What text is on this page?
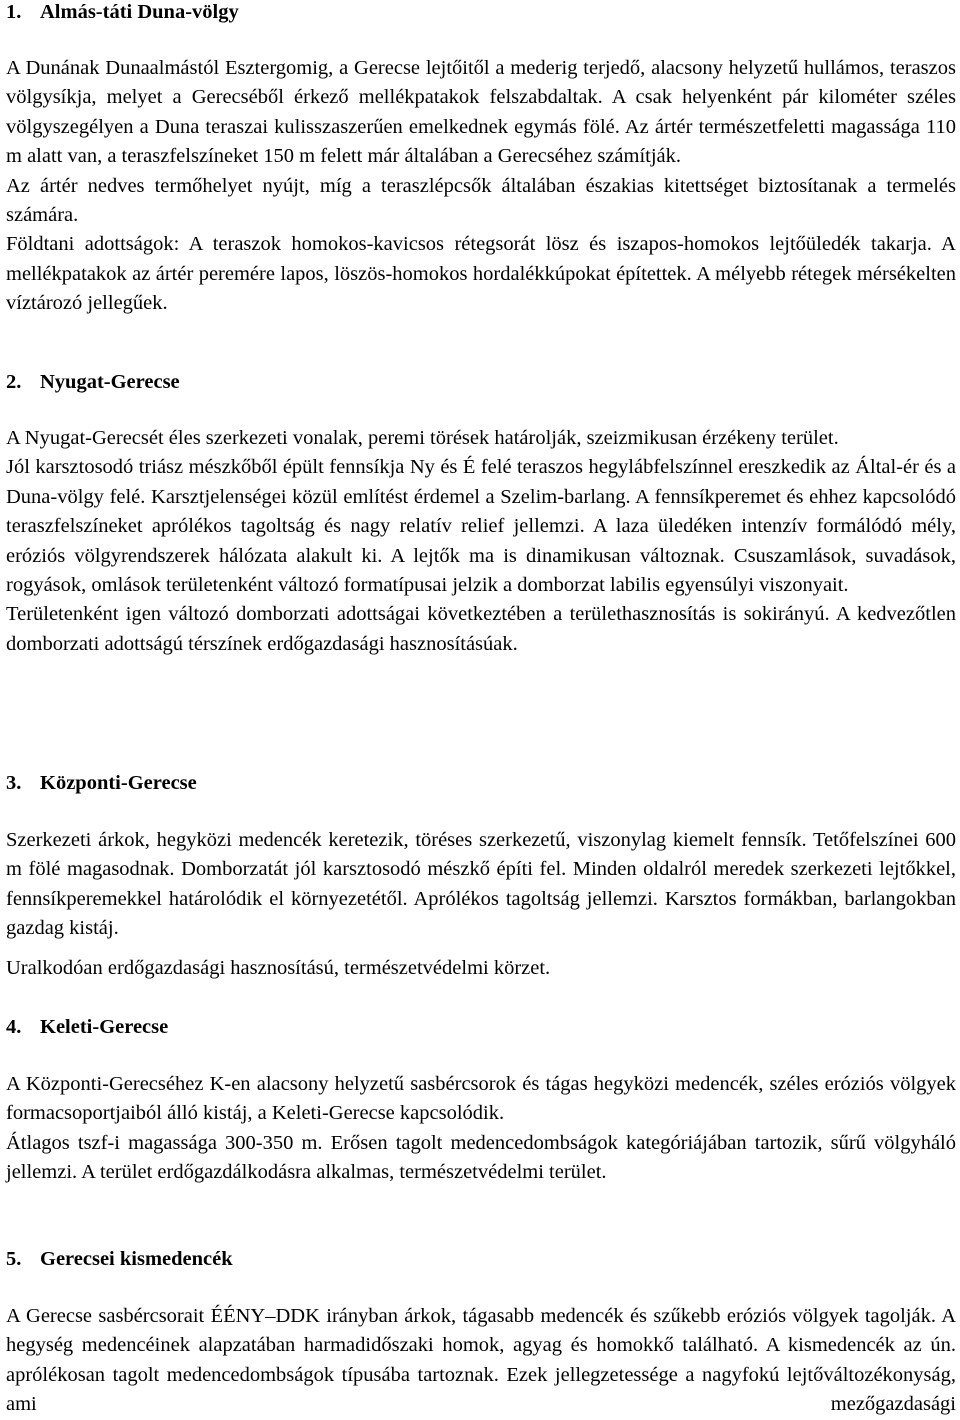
1. Almás-táti Duna-völgy

A Dunának Dunaalmástól Esztergomig, a Gerecse lejtőitől a mederig terjedő, alacsony helyzetű hullámos, teraszos völgysíkja, melyet a Gerecséből érkező mellékpatakok felszabdaltak. A csak helyenként pár kilométer széles völgyszegélyen a Duna teraszai kulisszaszerűen emelkednek egymás fölé. Az ártér természetfeletti magassága 110 m alatt van, a teraszfelszíneket 150 m felett már általában a Gerecséhez számítják.

Az ártér nedves termőhelyet nyújt, míg a teraszlépcsők általában északias kitettséget biztosítanak a termelés számára.

Földtani adottságok: A teraszok homokos-kavicsos rétegsorát lösz és iszapos-homokos lejtőüledék takarja. A mellékpatakok az ártér peremére lapos, löszös-homokos hordalékkúpokat építettek. A mélyebb rétegek mérsékelten víztározó jellegűek.

2. Nyugat-Gerecse

A Nyugat-Gerecsét éles szerkezeti vonalak, peremi törések határolják, szeizmikusan érzékeny terület.

Jól karsztosodó triász mészkőből épült fennsíkja Ny és É felé teraszos hegylábfelszínnel ereszkedik az Által-ér és a Duna-völgy felé. Karsztjelenségei közül említést érdemel a Szelim-barlang. A fennsíkperemet és ehhez kapcsolódó teraszfelszíneket aprólékos tagoltság és nagy relatív relief jellemzi. A laza üledéken intenzív formálódó mély, eróziós völgyrendszerek hálózata alakult ki. A lejtők ma is dinamikusan változnak. Csuszamlások, suvadások, rogyások, omlások területenként változó formatípusai jelzik a domborzat labilis egyensúlyi viszonyait.

Területenként igen változó domborzati adottságai következtében a területhasznosítás is sokirányú. A kedvezőtlen domborzati adottságú térszínek erdőgazdasági hasznosításúak.

3. Központi-Gerecse

Szerkezeti árkok, hegyközi medencék keretezik, töréses szerkezetű, viszonylag kiemelt fennsík. Tetőfelszínei 600 m fölé magasodnak. Domborzatát jól karsztosodó mészkő építi fel. Minden oldalról meredek szerkezeti lejtőkkel, fennsíkperemekkel határolódik el környezetétől. Aprólékos tagoltság jellemzi. Karsztos formákban, barlangokban gazdag kistáj.

Uralkodóan erdőgazdasági hasznosítású, természetvédelmi körzet.

4. Keleti-Gerecse

A Központi-Gerecséhez K-en alacsony helyzetű sasbércsorok és tágas hegyközi medencék, széles eróziós völgyek formacsoportjaiból álló kistáj, a Keleti-Gerecse kapcsolódik.

Átlagos tszf-i magassága 300-350 m. Erősen tagolt medencedombságok kategóriájában tartozik, sűrű völgyháló jellemzi. A terület erdőgazdálkodásra alkalmas, természetvédelmi terület.

5. Gerecsei kismedencék

A Gerecse sasbércsorait ÉÉNY–DDK irányban árkok, tágasabb medencék és szűkebb eróziós völgyek tagolják. A hegység medencéinek alapzatában harmadidőszaki homok, agyag és homokkő található. A kismedencék az ún. aprólékosan tagolt medencedombságok típusába tartoznak. Ezek jellegzetessége a nagyfokú lejtőváltozékonyság, ami mezőgazdasági
